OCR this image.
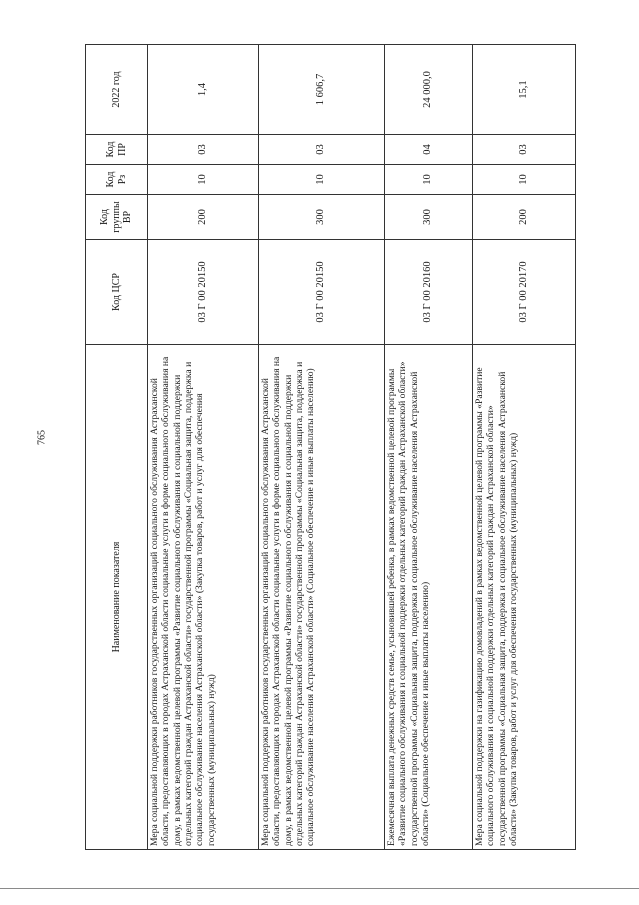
765
Наименование показателя	Код ЦСР	Код группы ВР	Код Рз	Код ПР	2022 год
Мера социальной поддержки работников государственных организаций социального обслуживания Астраханской области, предоставляющих в городах Астраханской области социальные услуги в форме социального обслуживания на дому, в рамках ведомственной целевой программы «Развитие социального обслуживания и социальной поддержки отдельных категорий граждан Астраханской области» государственной программы «Социальная защита, поддержка и социальное обслуживание населения Астраханской области» (Закупка товаров, работ и услуг для обеспечения государственных (муниципальных) нужд)	03 Г 00 20150	200	10	03	1,4
Мера социальной поддержки работников государственных организаций социального обслуживания Астраханской области, предоставляющих в городах Астраханской области социальные услуги в форме социального обслуживания на дому, в рамках ведомственной целевой программы «Развитие социального обслуживания и социальной поддержки отдельных категорий граждан Астраханской области» государственной программы «Социальная защита, поддержка и социальное обслуживание населения Астраханской области» (Социальное обеспечение и иные выплаты населению)	03 Г 00 20150	300	10	03	1 606,7
Ежемесячная выплата денежных средств семье, усыновившей ребенка, в рамках ведомственной целевой программы «Развитие социального обслуживания и социальной поддержки отдельных категорий граждан Астраханской области» государственной программы «Социальная защита, поддержка и социальное обслуживание населения Астраханской области» (Социальное обеспечение и иные выплаты населению)	03 Г 00 20160	300	10	04	24 000,0
Мера социальной поддержки на газификацию домовладений в рамках ведомственной целевой программы «Развитие социального обслуживания и социальной поддержки отдельных категорий граждан Астраханской области» государственной программы «Социальная защита, поддержка и социальное обслуживание населения Астраханской области» (Закупка товаров, работ и услуг для обеспечения государственных (муниципальных) нужд)	03 Г 00 20170	200	10	03	15,1
